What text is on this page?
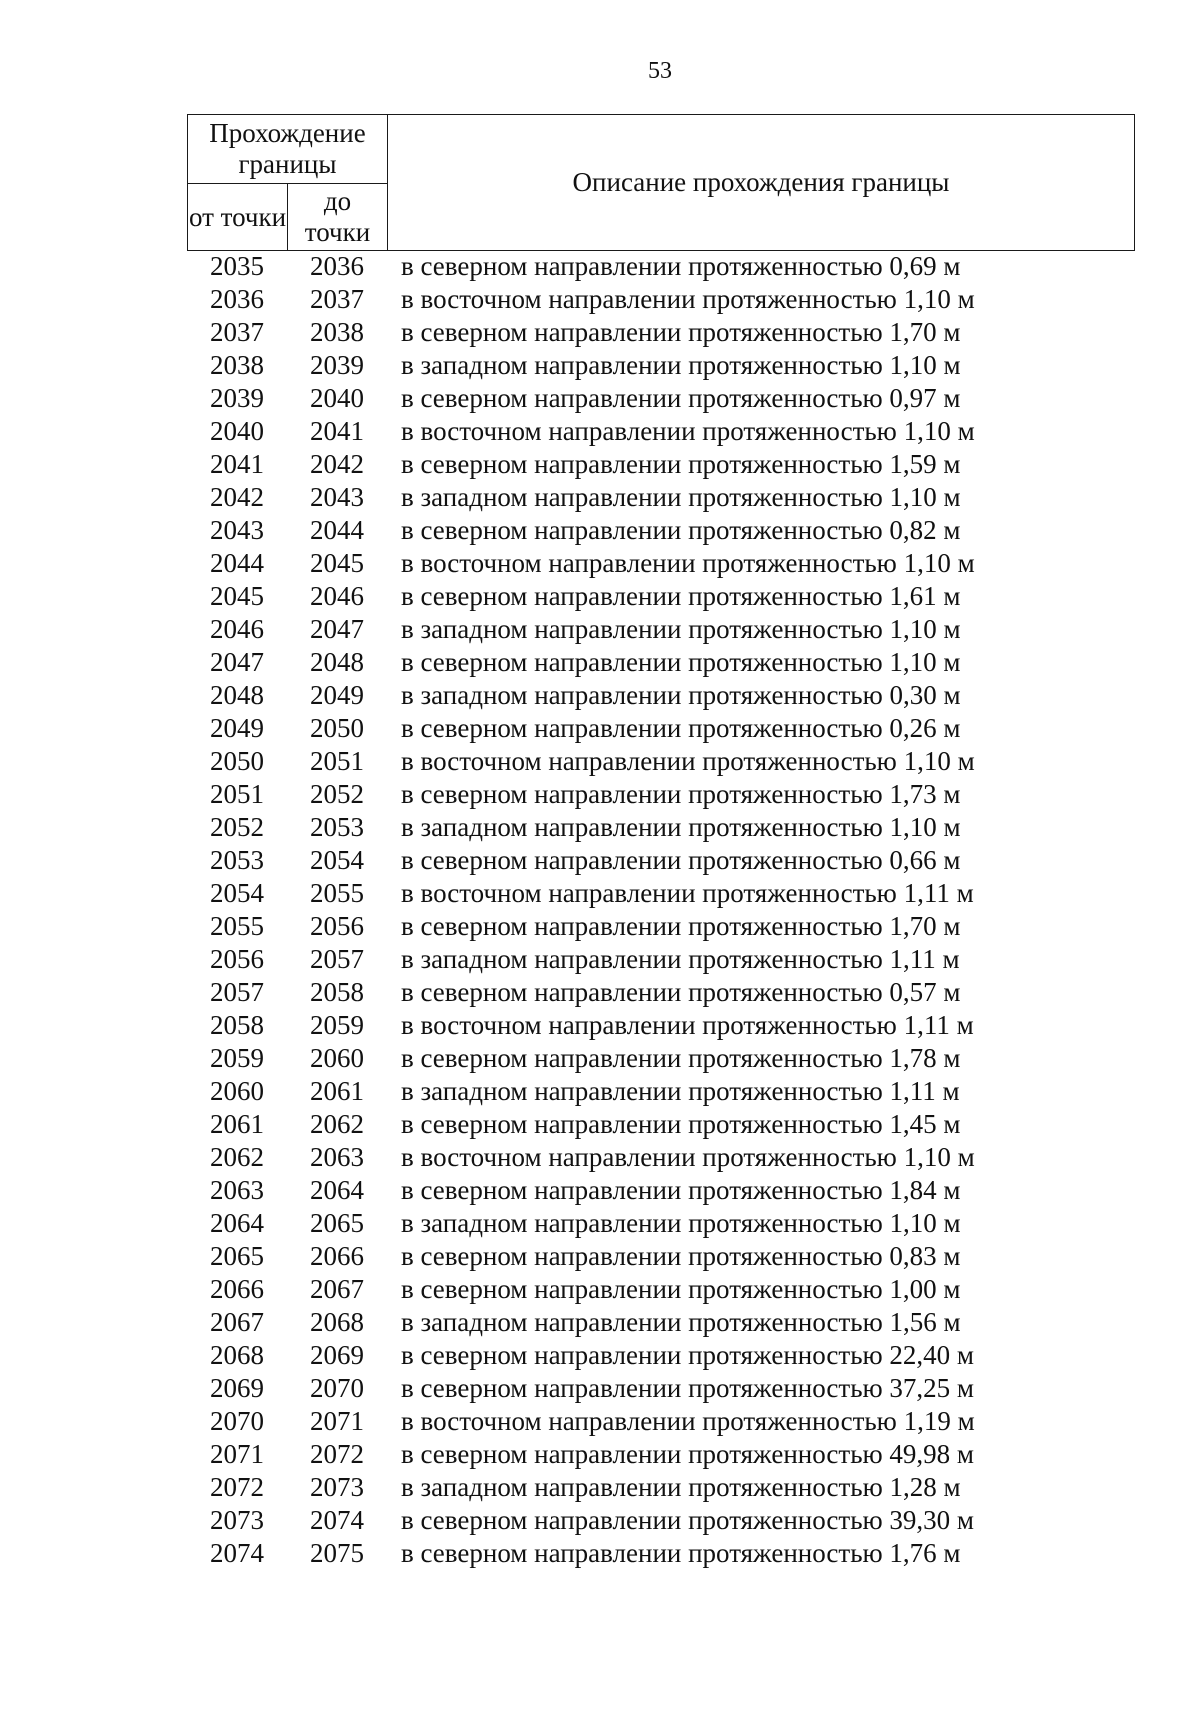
53
Прохождение границы		Описание прохождения границы
от точки	до точки	
2035	2036	в северном направлении протяженностью 0,69 м
2036	2037	в восточном направлении протяженностью 1,10 м
2037	2038	в северном направлении протяженностью 1,70 м
2038	2039	в западном направлении протяженностью 1,10 м
2039	2040	в северном направлении протяженностью 0,97 м
2040	2041	в восточном направлении протяженностью 1,10 м
2041	2042	в северном направлении протяженностью 1,59 м
2042	2043	в западном направлении протяженностью 1,10 м
2043	2044	в северном направлении протяженностью 0,82 м
2044	2045	в восточном направлении протяженностью 1,10 м
2045	2046	в северном направлении протяженностью 1,61 м
2046	2047	в западном направлении протяженностью 1,10 м
2047	2048	в северном направлении протяженностью 1,10 м
2048	2049	в западном направлении протяженностью 0,30 м
2049	2050	в северном направлении протяженностью 0,26 м
2050	2051	в восточном направлении протяженностью 1,10 м
2051	2052	в северном направлении протяженностью 1,73 м
2052	2053	в западном направлении протяженностью 1,10 м
2053	2054	в северном направлении протяженностью 0,66 м
2054	2055	в восточном направлении протяженностью 1,11 м
2055	2056	в северном направлении протяженностью 1,70 м
2056	2057	в западном направлении протяженностью 1,11 м
2057	2058	в северном направлении протяженностью 0,57 м
2058	2059	в восточном направлении протяженностью 1,11 м
2059	2060	в северном направлении протяженностью 1,78 м
2060	2061	в западном направлении протяженностью 1,11 м
2061	2062	в северном направлении протяженностью 1,45 м
2062	2063	в восточном направлении протяженностью 1,10 м
2063	2064	в северном направлении протяженностью 1,84 м
2064	2065	в западном направлении протяженностью 1,10 м
2065	2066	в северном направлении протяженностью 0,83 м
2066	2067	в северном направлении протяженностью 1,00 м
2067	2068	в западном направлении протяженностью 1,56 м
2068	2069	в северном направлении протяженностью 22,40 м
2069	2070	в северном направлении протяженностью 37,25 м
2070	2071	в восточном направлении протяженностью 1,19 м
2071	2072	в северном направлении протяженностью 49,98 м
2072	2073	в западном направлении протяженностью 1,28 м
2073	2074	в северном направлении протяженностью 39,30 м
2074	2075	в северном направлении протяженностью 1,76 м
